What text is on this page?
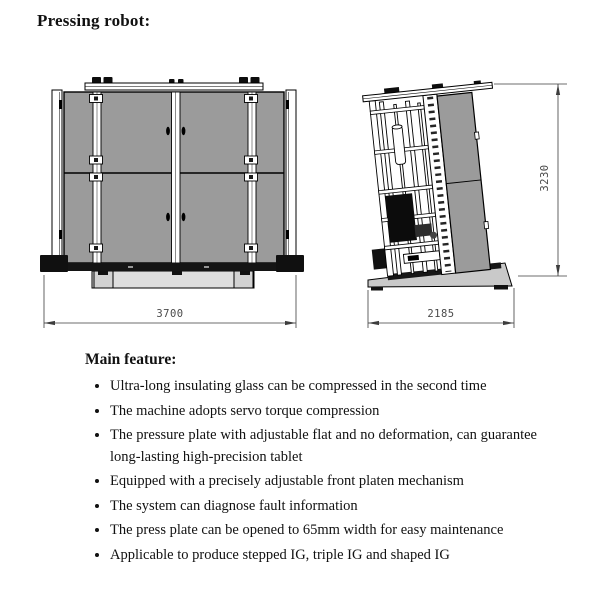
Pressing robot:
3700
3230
2185
Main feature:
• Ultra-long insulating glass can be compressed in the second time
• The machine adopts servo torque compression
• The pressure plate with adjustable flat and no deformation, can guarantee long-lasting high-precision tablet
• Equipped with a precisely adjustable front platen mechanism
• The system can diagnose fault information
• The press plate can be opened to 65mm width for easy maintenance
• Applicable to produce stepped IG, triple IG and shaped IG
